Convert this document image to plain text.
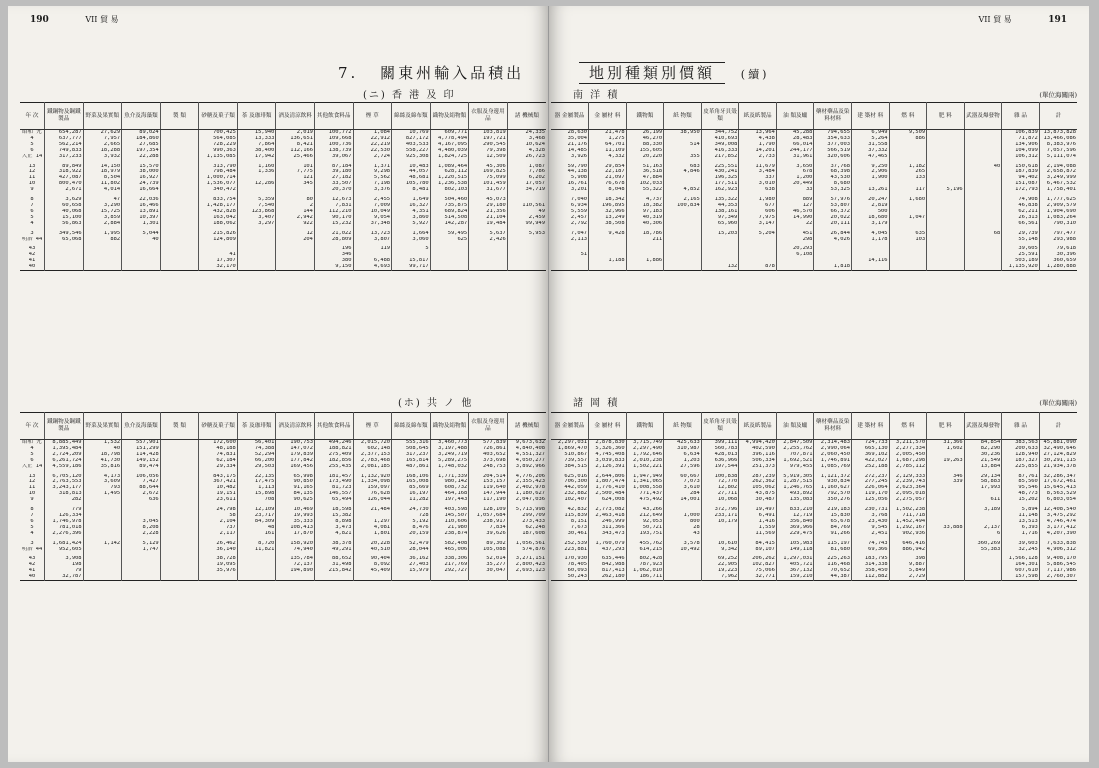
190	VII 貿 易
7. 關東州輸入品積出
(ニ) 香 港 及 印
年 次	鐵鋼物及鋼鐵製品	野菜及果實類	魚介及海藻類	製 類	砂糖及菓子類	茶 及珈琲類	酒及清涼飲料	其他飲食料品	煙 草	綿絲及綿布類	織物及絹物類	衣服及身邊用品	諸 機械類
昭和 元	654,287	27,629	89,024		700,425	15,940	2,019	100,772	1,084	10,769	609,771	103,819	24,335
4	637,777	7,957	184,860		564,085	13,333	136,651	109,668	22,912	827,172	4,778,494	197,721	3,468
5	562,214	2,665	27,685		728,229	7,864	8,421	100,736	22,219	403,533	4,167,095	290,545	10,624
6	749,833	18,288	197,354		990,363	38,400	112,166	138,739	22,530	558,227	4,480,039	79,398	4,328
大正 14	317,233	3,932	22,288		1,135,085	17,942	25,466	39,067	2,724	925,308	1,824,725	12,509	26,723

13	89,849	14,150	15,570		313,790	1,160	101	87,184	1,371	10,483	1,089,464	45,306	1,087
12	318,922	18,979	38,000		798,484	1,336	7,775	39,180	9,298	44,057	628,112	169,825	7,786
11	427,087	8,504	16,927		1,000,714		121	27,182	5,562	48,681	1,220,515	75,099	6,202
10	800,470	11,802	24,739		1,536,077	12,286	345	33,507	7,198	105,780	1,236,538	101,459	17,057
9	2,671	4,014	16,664		340,472			20,370	3,376	8,481	802,103	31,677	34,719

8	3,629	47	22,036		833,754	5,359	80	12,673	2,455	1,649	504,460	45,073	
7	60,658	3,290	16,466		1,428,177	7,540	2	7,831	7,009	16,327	735,875	29,180	110,561
6	40,068	15,725	13,891		432,828	123,868	144	112,210	10,049	4,351	689,824	21,356	49
5	15,100	3,859	10,397		163,042	3,407	2,942	90,170	9,054	3,860	514,508	21,104	2,459
4	56,863	2,884	1,301		188,062	3,297	922	15,232	37,348	5,927	142,287	19,484	99,949

3	349,546	1,995	5,044		215,826		12	21,022	13,723	1,664	59,495	5,637	5,953
明治 44	65,068	882	40		124,809		204	28,809	3,807	3,060	625	2,426	

43								196	119	5			
42					41			346					
41					17,307			380	6,488	15,817			
40					32,170			9,150	4,693	99,717			
(ホ) 共 ノ 他
年 次	鐵鋼物及鋼鐵製品	野菜及果實類	魚介及海藻類	製 類	砂糖及菓子類	茶 及珈琲類	酒及清涼飲料	其他飲食料品	煙 草	綿絲及綿布類	織物及絹物類	衣服及身邊用品	諸 機械類
昭和 元	8,885,449	1,532	557,901		172,600	56,401	190,753	494,246	2,015,720	555,316	3,460,773	577,839	9,673,632
4	1,395,484	40	151,299		48,188	74,388	147,072	188,821	602,148	508,645	3,197,488	726,861	4,840,408
5	2,724,209	18,798	114,428		74,831	52,294	179,839	275,409	2,377,153	317,237	3,249,719	403,652	4,551,327
6	6,261,724	41,730	149,152		62,184	66,200	177,842	182,856	2,783,468	165,814	5,289,275	373,698	4,050,277
大正 14	4,559,186	35,816	89,474		29,334	29,503	169,456	255,435	2,081,185	487,861	1,748,032	248,753	3,892,966

13	6,705,120	4,173	106,056		843,175	22,135	65,998	181,457	1,132,920	168,106	1,771,339	204,514	4,776,206
12	2,763,553	3,609	7,427		367,421	17,475	90,850	173,490	1,334,098	165,008	980,142	153,157	2,355,423
11	3,243,177	793	88,644		10,482	1,113	91,165	81,723	159,097	85,669	608,732	119,640	2,402,978
10	318,813	1,495	2,672		19,151	15,898	84,135	146,557	76,628	16,197	464,168	147,944	1,180,627
9	282		636		23,611	708	90,625	65,494	126,044	11,282	197,443	117,190	2,047,036

8	779				24,798	12,109	10,469	18,598	21,484	24,730	403,598	128,109	5,713,998
7	126,334				58	23,717	19,993	15,382		728	145,507	1,057,684	299,709
6	1,746,978		3,045		2,104	84,309	35,333	8,898	1,297	5,192	110,606	238,917	273,433
5	781,018		8,208		737	48	108,413	3,473	4,081	8,476	21,980	7,834	62,248
4	2,276,396		2,228		2,117	161	17,870	4,821	1,801	20,159	238,874	39,626	187,608

3	1,681,424	1,142	5,129		26,462	8,720	158,920	38,378	20,228	52,479	582,408	89,302	1,056,561
明治 44	952,605		1,747		36,140	11,821	74,940	49,291	40,510	28,044	465,006	105,088	574,876

43	3,908				38,728		135,784	88,652	90,404	36,162	338,306	52,014	3,271,151
42	198				19,095		72,137	31,498	8,092	27,403	217,769	35,277	2,800,423
41	79				35,976		194,890	215,842	45,409	15,979	292,727	30,047	2,693,123
40	32,787												
VII 貿 易	191
地別種類別價額 (續)
南 洋 積	(單位海關兩)
器 金屬製品	金 屬材 料	鐵物類	紙 物類	皮革角牙貝殼類	紙及紙製品	油 類及蠟	藥材藥品及染料材料	建 築材 料	燃 料	肥 料	武器及爆發物	雜 品	計
28,630	21,478	26,199	38,950	344,752	13,964	45,288	794,655	6,949	9,509			106,839	13,873,828
35,004	1,275	46,270		410,693	4,438	28,483	354,633	5,264	886			71,872	13,466,086
21,176	64,701	88,330	514	349,008	1,790	66,014	377,003	31,558				134,906	8,383,976
14,485	11,109	155,605		416,333	14,201	244,177	566,519	37,332				104,099	7,057,596
3,926	4,332	20,220	355	217,852	2,733	31,961	320,606	47,465				106,312	5,111,074

59,790	29,854	51,163	683	225,551	11,679	3,650	37,768	9,250	1,182		40	150,618	2,194,088
44,138	22,187	36,518	4,846	430,241	3,484	678	68,398	2,906	265			187,839	2,658,872
5,908	21,097	47,884		196,325	337	1,200	43,530	1,900	133			94,402	3,249,999
16,761	76,678	102,033		177,511	3,010	20,449	8,680					151,087	6,467,532
3,201	8,048	55,322	4,852	162,923	638	33	53,325	13,261	117	5,196		172,793	1,758,401

7,040	18,342	4,737	2,165	135,322	1,980	889	57,976	20,247	1,680			74,908	1,777,625
6,934	196,895	18,382	100,834	44,353	677	127	53,807	2,819				46,838	2,909,579
5,559	32,966	97,183		138,161	606	46,570	66,372	500				62,211	1,904,690
2,457	13,249	40,319		97,349	7,975	14,990	20,022	18,680	1,047			26,313	1,083,264
2,792	38,508	40,306		65,960	3,147	22	20,111	3,179				66,561	790,310

7,047	9,428	18,786		15,203	5,204	451	26,844	4,045	635		68	29,739	797,477
2,113		211				298	4,026	1,178	103			55,148	293,988

						20,293						39,605	79,618
51						6,108						25,591	30,396
	1,188	1,886						14,116				503,189	360,659
				132	878		1,818					1,135,920	1,280,888
諸 岡 積	(單位海關兩)
器 金屬製品	金 屬材 料	鐵物類	紙 物類	皮革角牙貝殼類	紙及紙製品	油 類及蠟	藥材藥品及染料材料	建 築材 料	燃 料	肥 料	武器及爆發物	雜 品	計
2,297,031	2,878,830	3,715,749	425,633	399,111	4,994,420	2,847,509	2,314,483	724,733	3,211,570	31,366	84,854	383,563	45,881,090
1,869,470	5,326,360	2,297,490	310,987	560,783	402,590	2,255,762	2,990,064	665,130	2,277,334	1,602	82,290	200,633	32,490,646
510,867	4,745,408	1,792,646	6,634	428,013	396,116	707,871	2,060,450	369,102	2,005,450		30,236	128,940	27,124,829
739,557	3,039,833	2,010,238	1,203	636,966	506,334	1,692,521	1,746,891	422,027	1,687,298	19,263	21,549	187,327	30,291,115
384,515	2,126,391	1,502,221	27,596	197,544	251,373	979,455	1,085,769	252,188	2,785,112		13,884	225,855	21,934,378

625,016	2,644,806	1,947,949	60,667	100,838	287,239	5,919,305	1,121,372	272,237	2,129,333	346	29,134	87,761	32,286,347
706,300	1,807,474	1,341,065	7,073	72,770	262,362	1,287,515	930,834	277,245	2,239,743	339	58,883	85,560	17,672,461
442,059	1,776,410	1,008,558	3,610	12,802	105,062	1,246,765	1,160,627	226,064	2,623,364		17,993	95,546	15,645,413
232,882	2,500,484	771,437	284	27,711	43,875	493,892	792,570	119,170	2,095,018			48,773	8,563,529
102,407	624,008	475,492	14,001	10,068	30,487	135,083	350,276	125,056	2,275,057		611	15,202	6,803,054

42,832	2,773,082	43,266		372,796	19,497	833,210	219,183	230,731	1,502,238		3,189	5,894	12,408,540
115,839	2,463,418	212,649	1,000	233,171	6,491	12,719	15,830	3,768	711,718			11,148	3,475,292
8,151	246,999	92,053	800	10,179	1,416	356,840	65,678	23,430	1,452,494			13,513	4,746,474
7,673	311,366	50,721	28		1,559	369,966	84,769	9,545	1,292,167	33,888	2,137	6,393	3,177,412
30,461	343,473	193,751	43		11,569	229,475	91,266	2,451	902,936		6	1,716	4,207,390

252,539	1,760,079	455,762	3,578	10,610	84,415	105,983	115,197	74,743	646,416		360,269	39,603	7,633,838
223,881	437,293	614,215	10,492	9,342	89,107	149,118	81,680	69,366	886,942		55,383	32,245	4,906,312

170,930	635,446	802,428		69,252	206,262	1,297,031	225,263	183,795	398			1,566,128	9,408,170
78,405	842,988	787,923		22,905	102,827	405,721	116,468	314,338	9,887			164,301	5,886,545
60,093	817,413	1,062,010		19,223	75,066	367,132	70,652	358,450	5,849			607,610	7,117,986
50,243	262,180	186,711		7,962	32,771	159,210	44,387	112,882	2,729			157,598	2,760,307
